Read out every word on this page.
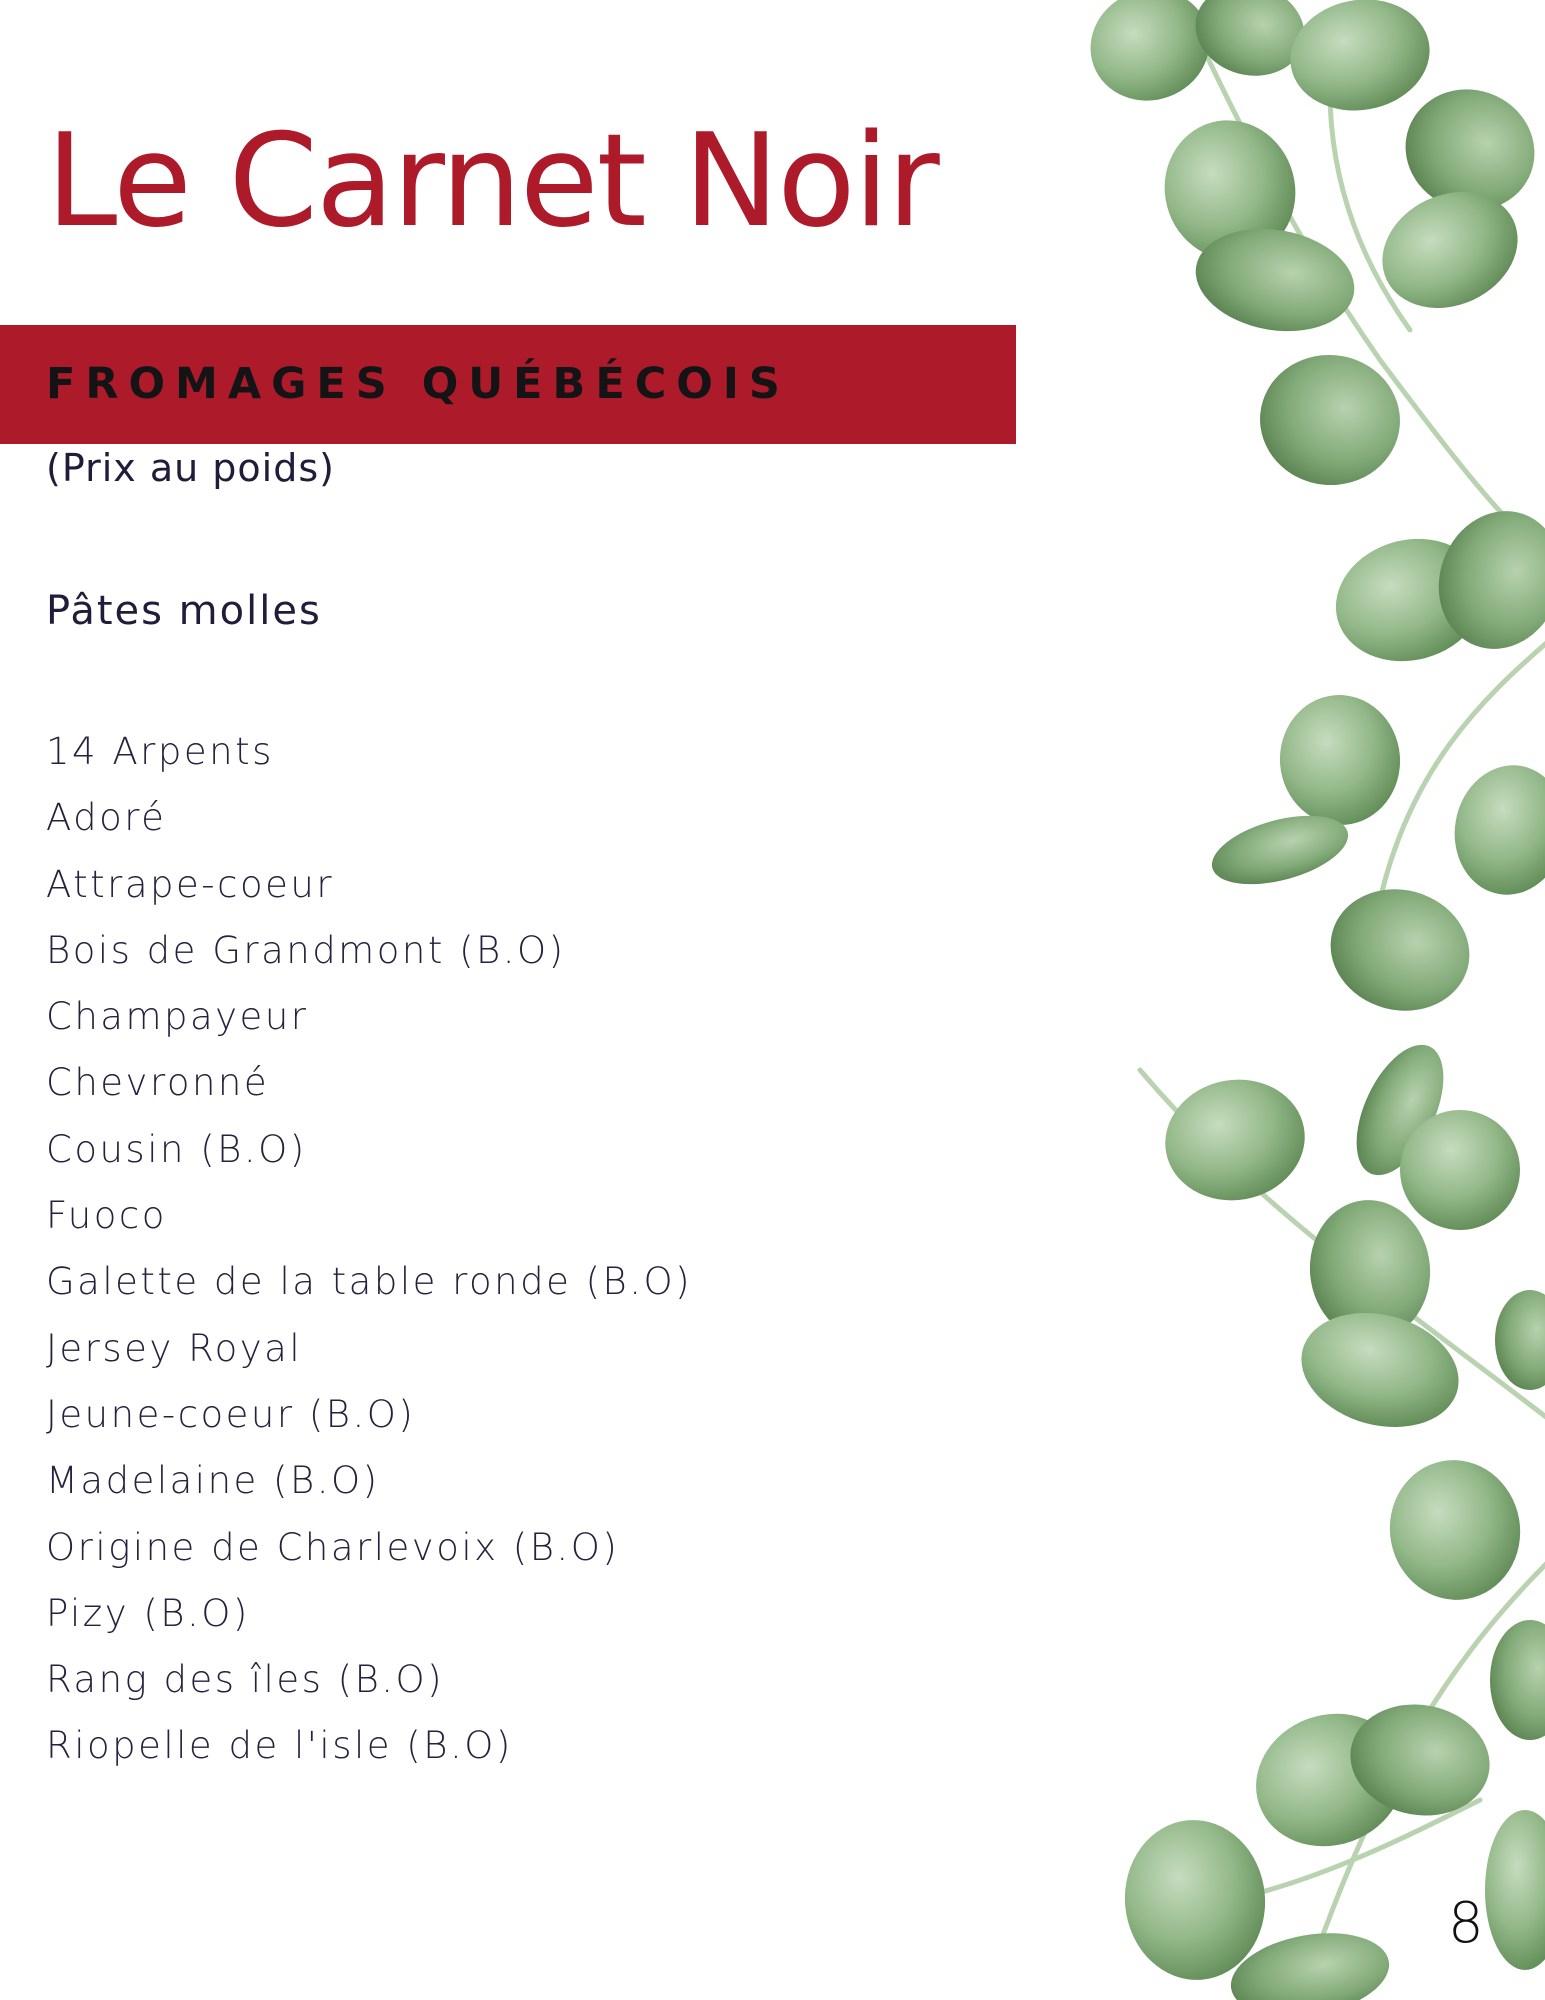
Le Carnet Noir
FROMAGES QUÉBÉCOIS
(Prix au poids)
Pâtes molles
14 Arpents
Adoré
Attrape-coeur
Bois de Grandmont (B.O)
Champayeur
Chevronné
Cousin (B.O)
Fuoco
Galette de la table ronde (B.O)
Jersey Royal
Jeune-coeur (B.O)
Madelaine (B.O)
Origine de Charlevoix (B.O)
Pizy (B.O)
Rang des îles (B.O)
Riopelle de l'isle (B.O)
8
